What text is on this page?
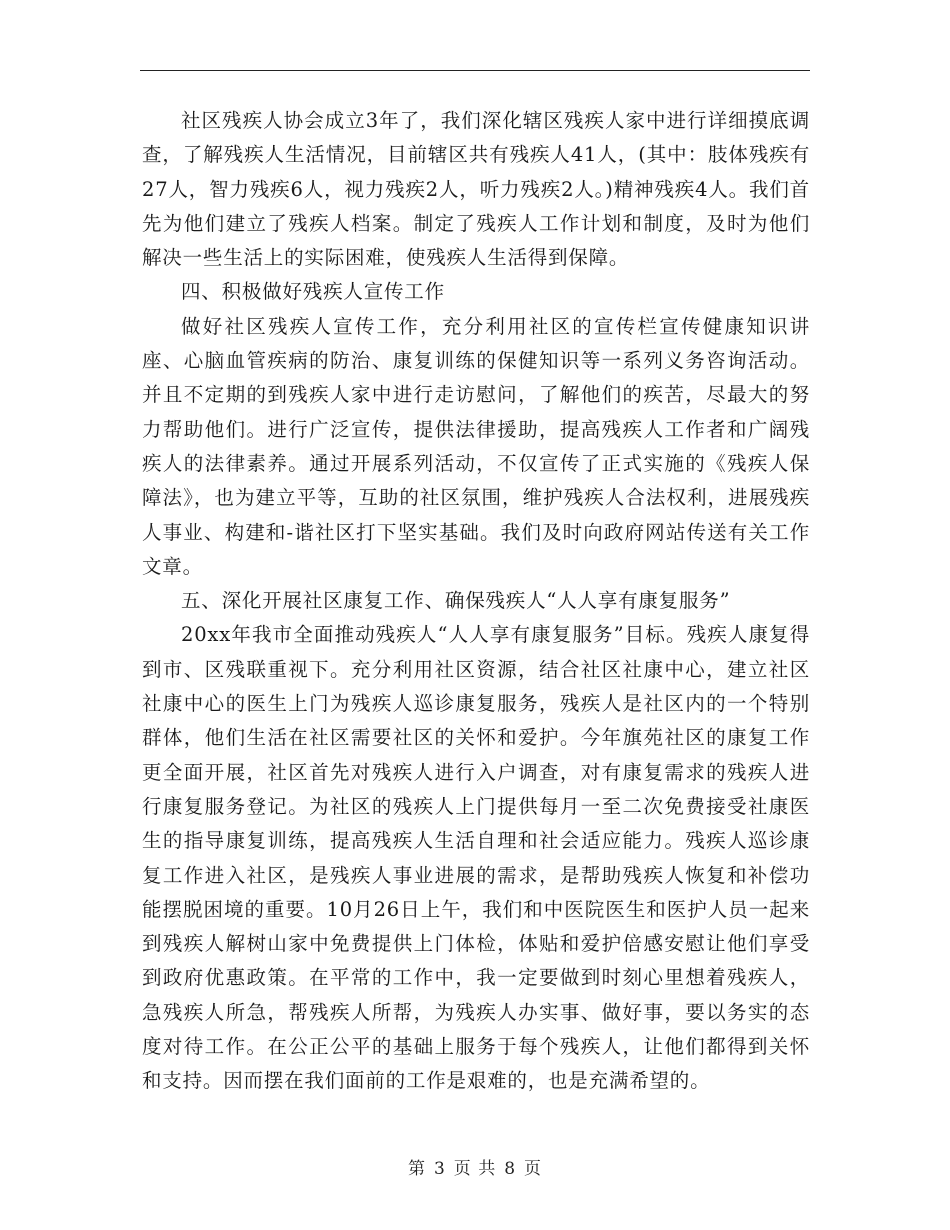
社区残疾人协会成立3年了，我们深化辖区残疾人家中进行详细摸底调查，了解残疾人生活情况，目前辖区共有残疾人41人，(其中：肢体残疾有27人，智力残疾6人，视力残疾2人，听力残疾2人。)精神残疾4人。我们首先为他们建立了残疾人档案。制定了残疾人工作计划和制度，及时为他们解决一些生活上的实际困难，使残疾人生活得到保障。

四、积极做好残疾人宣传工作

做好社区残疾人宣传工作，充分利用社区的宣传栏宣传健康知识讲座、心脑血管疾病的防治、康复训练的保健知识等一系列义务咨询活动。并且不定期的到残疾人家中进行走访慰问，了解他们的疾苦，尽最大的努力帮助他们。进行广泛宣传，提供法律援助，提高残疾人工作者和广阔残疾人的法律素养。通过开展系列活动，不仅宣传了正式实施的《残疾人保障法》，也为建立平等，互助的社区氛围，维护残疾人合法权利，进展残疾人事业、构建和-谐社区打下坚实基础。我们及时向政府网站传送有关工作文章。

五、深化开展社区康复工作、确保残疾人“人人享有康复服务”

20xx年我市全面推动残疾人“人人享有康复服务”目标。残疾人康复得到市、区残联重视下。充分利用社区资源，结合社区社康中心，建立社区社康中心的医生上门为残疾人巡诊康复服务，残疾人是社区内的一个特别群体，他们生活在社区需要社区的关怀和爱护。今年旗苑社区的康复工作更全面开展，社区首先对残疾人进行入户调查，对有康复需求的残疾人进行康复服务登记。为社区的残疾人上门提供每月一至二次免费接受社康医生的指导康复训练，提高残疾人生活自理和社会适应能力。残疾人巡诊康复工作进入社区，是残疾人事业进展的需求，是帮助残疾人恢复和补偿功能摆脱困境的重要。10月26日上午，我们和中医院医生和医护人员一起来到残疾人解树山家中免费提供上门体检，体贴和爱护倍感安慰让他们享受到政府优惠政策。在平常的工作中，我一定要做到时刻心里想着残疾人，急残疾人所急，帮残疾人所帮，为残疾人办实事、做好事，要以务实的态度对待工作。在公正公平的基础上服务于每个残疾人，让他们都得到关怀和支持。因而摆在我们面前的工作是艰难的，也是充满希望的。

第 3 页 共 8 页
